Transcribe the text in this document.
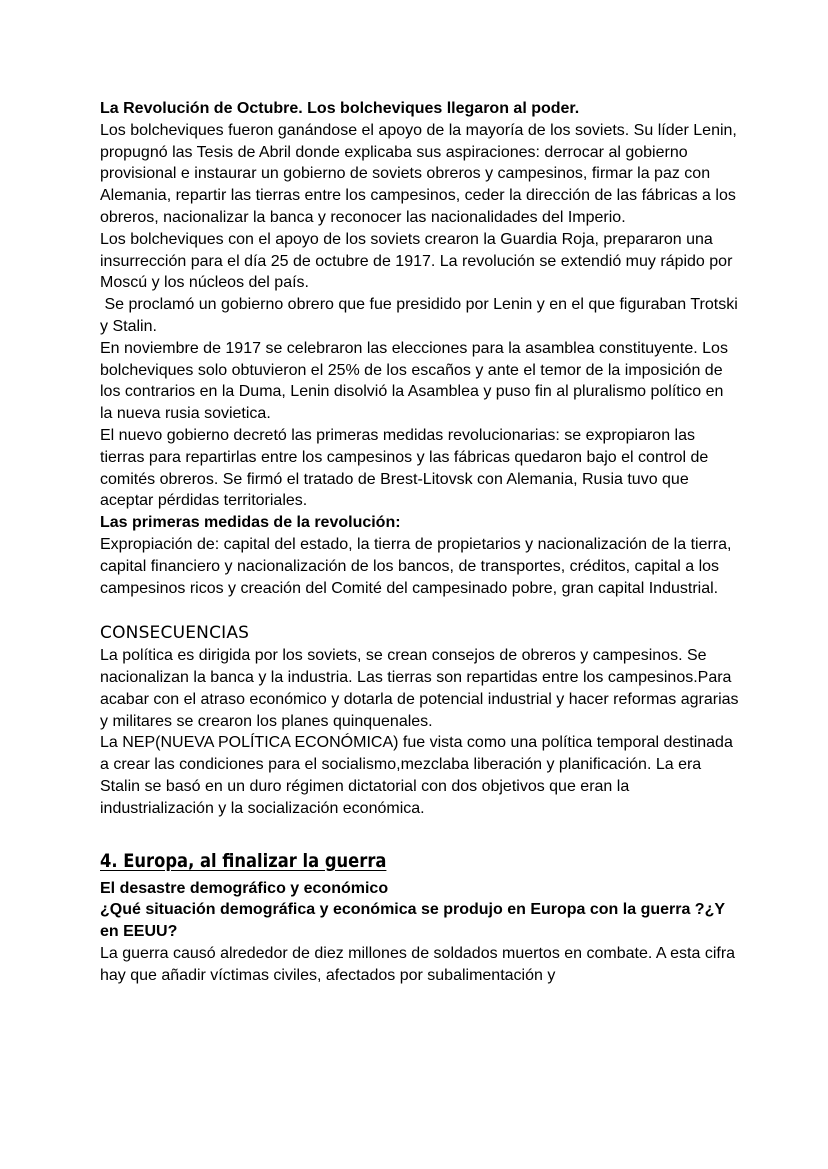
La Revolución de Octubre. Los bolcheviques llegaron al poder.

Los bolcheviques fueron ganándose el apoyo de la mayoría de los soviets. Su líder Lenin, propugnó las Tesis de Abril donde explicaba sus aspiraciones: derrocar al gobierno provisional e instaurar un gobierno de soviets obreros y campesinos, firmar la paz con Alemania, repartir las tierras entre los campesinos, ceder la dirección de las fábricas a los obreros, nacionalizar la banca y reconocer las nacionalidades del Imperio.

Los bolcheviques con el apoyo de los soviets crearon la Guardia Roja, prepararon una insurrección para el día 25 de octubre de 1917. La revolución se extendió muy rápido por Moscú y los núcleos del país.

Se proclamó un gobierno obrero que fue presidido por Lenin y en el que figuraban Trotski y Stalin.

En noviembre de 1917 se celebraron las elecciones para la asamblea constituyente. Los bolcheviques solo obtuvieron el 25% de los escaños y ante el temor de la imposición de los contrarios en la Duma, Lenin disolvió la Asamblea y puso fin al pluralismo político en la nueva rusia sovietica.

El nuevo gobierno decretó las primeras medidas revolucionarias: se expropiaron las tierras para repartirlas entre los campesinos y las fábricas quedaron bajo el control de comités obreros. Se firmó el tratado de Brest-Litovsk con Alemania, Rusia tuvo que aceptar pérdidas territoriales.

Las primeras medidas de la revolución:

Expropiación de: capital del estado, la tierra de propietarios y nacionalización de la tierra, capital financiero y nacionalización de los bancos, de transportes, créditos, capital a los campesinos ricos y creación del Comité del campesinado pobre, gran capital Industrial.

CONSECUENCIAS

La política es dirigida por los soviets, se crean consejos de obreros y campesinos. Se nacionalizan la banca y la industria. Las tierras son repartidas entre los campesinos.Para acabar con el atraso económico y dotarla de potencial industrial y hacer reformas agrarias y militares se crearon los planes quinquenales.

La NEP(NUEVA POLÍTICA ECONÓMICA) fue vista como una política temporal destinada a crear las condiciones para el socialismo,mezclaba liberación y planificación. La era Stalin se basó en un duro régimen dictatorial con dos objetivos que eran la industrialización y la socialización económica.

4. Europa, al finalizar la guerra

El desastre demográfico y económico

¿Qué situación demográfica y económica se produjo en Europa con la guerra ?¿Y en EEUU?

La guerra causó alrededor de diez millones de soldados muertos en combate. A esta cifra hay que añadir víctimas civiles, afectados por subalimentación y
